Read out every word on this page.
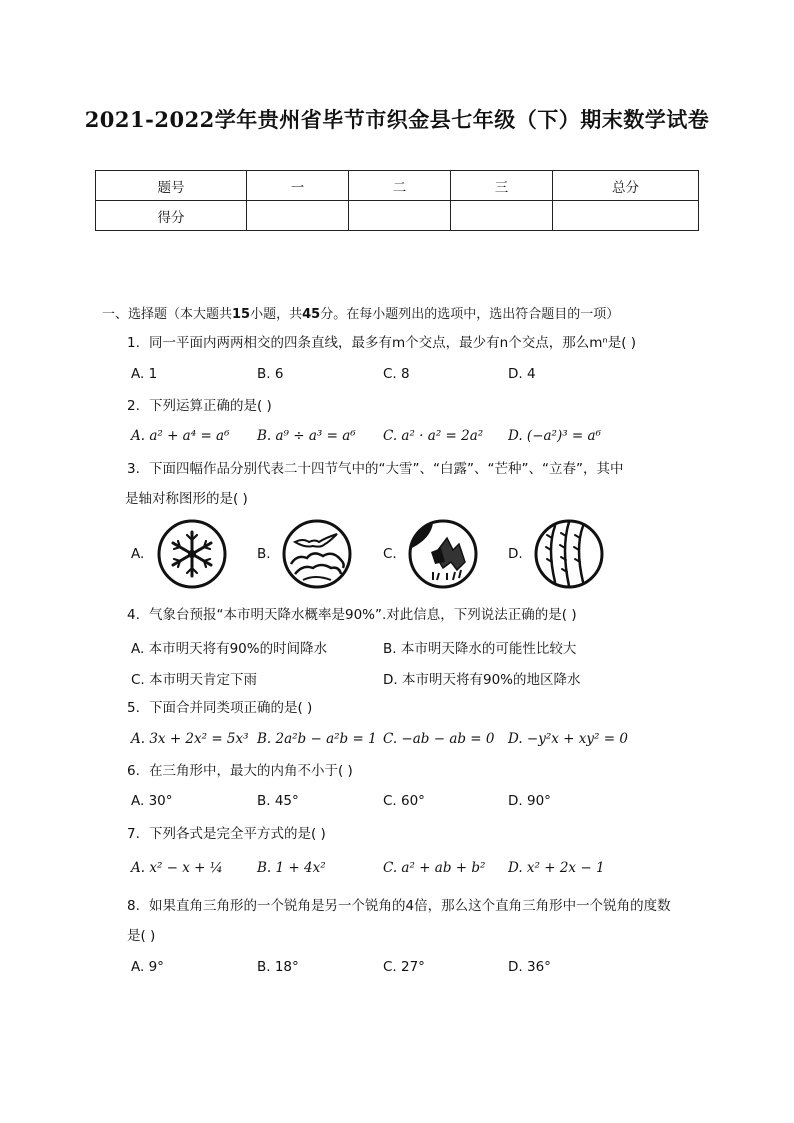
2021-2022学年贵州省毕节市织金县七年级（下）期末数学试卷
题号	一	二	三	总分
得分				
一、选择题（本大题共15小题，共45分。在每小题列出的选项中，选出符合题目的一项）
1. 同一平面内两两相交的四条直线，最多有m个交点，最少有n个交点，那么mⁿ是( )
A. 1	B. 6	C. 8	D. 4
2. 下列运算正确的是( )
A. a² + a⁴ = a⁶ B. a⁹ ÷ a³ = a⁶ C. a² · a² = 2a² D. (−a²)³ = a⁶
3. 下面四幅作品分别代表二十四节气中的“大雪”、“白露”、“芒种”、“立春”，其中
是轴对称图形的是( )
A.	B.	C.	D.
4. 气象台预报“本市明天降水概率是90%”.对此信息，下列说法正确的是( )
A. 本市明天将有90%的时间降水	B. 本市明天降水的可能性比较大
C. 本市明天肯定下雨	D. 本市明天将有90%的地区降水
5. 下面合并同类项正确的是( )
A. 3x + 2x² = 5x³ B. 2a²b − a²b = 1 C. −ab − ab = 0 D. −y²x + xy² = 0
6. 在三角形中，最大的内角不小于( )
A. 30°	B. 45°	C. 60°	D. 90°
7. 下列各式是完全平方式的是( )
A. x² − x + ¼	B. 1 + 4x²	C. a² + ab + b² D. x² + 2x − 1
8. 如果直角三角形的一个锐角是另一个锐角的4倍，那么这个直角三角形中一个锐角的度数
是( )
A. 9°	B. 18°	C. 27°	D. 36°
